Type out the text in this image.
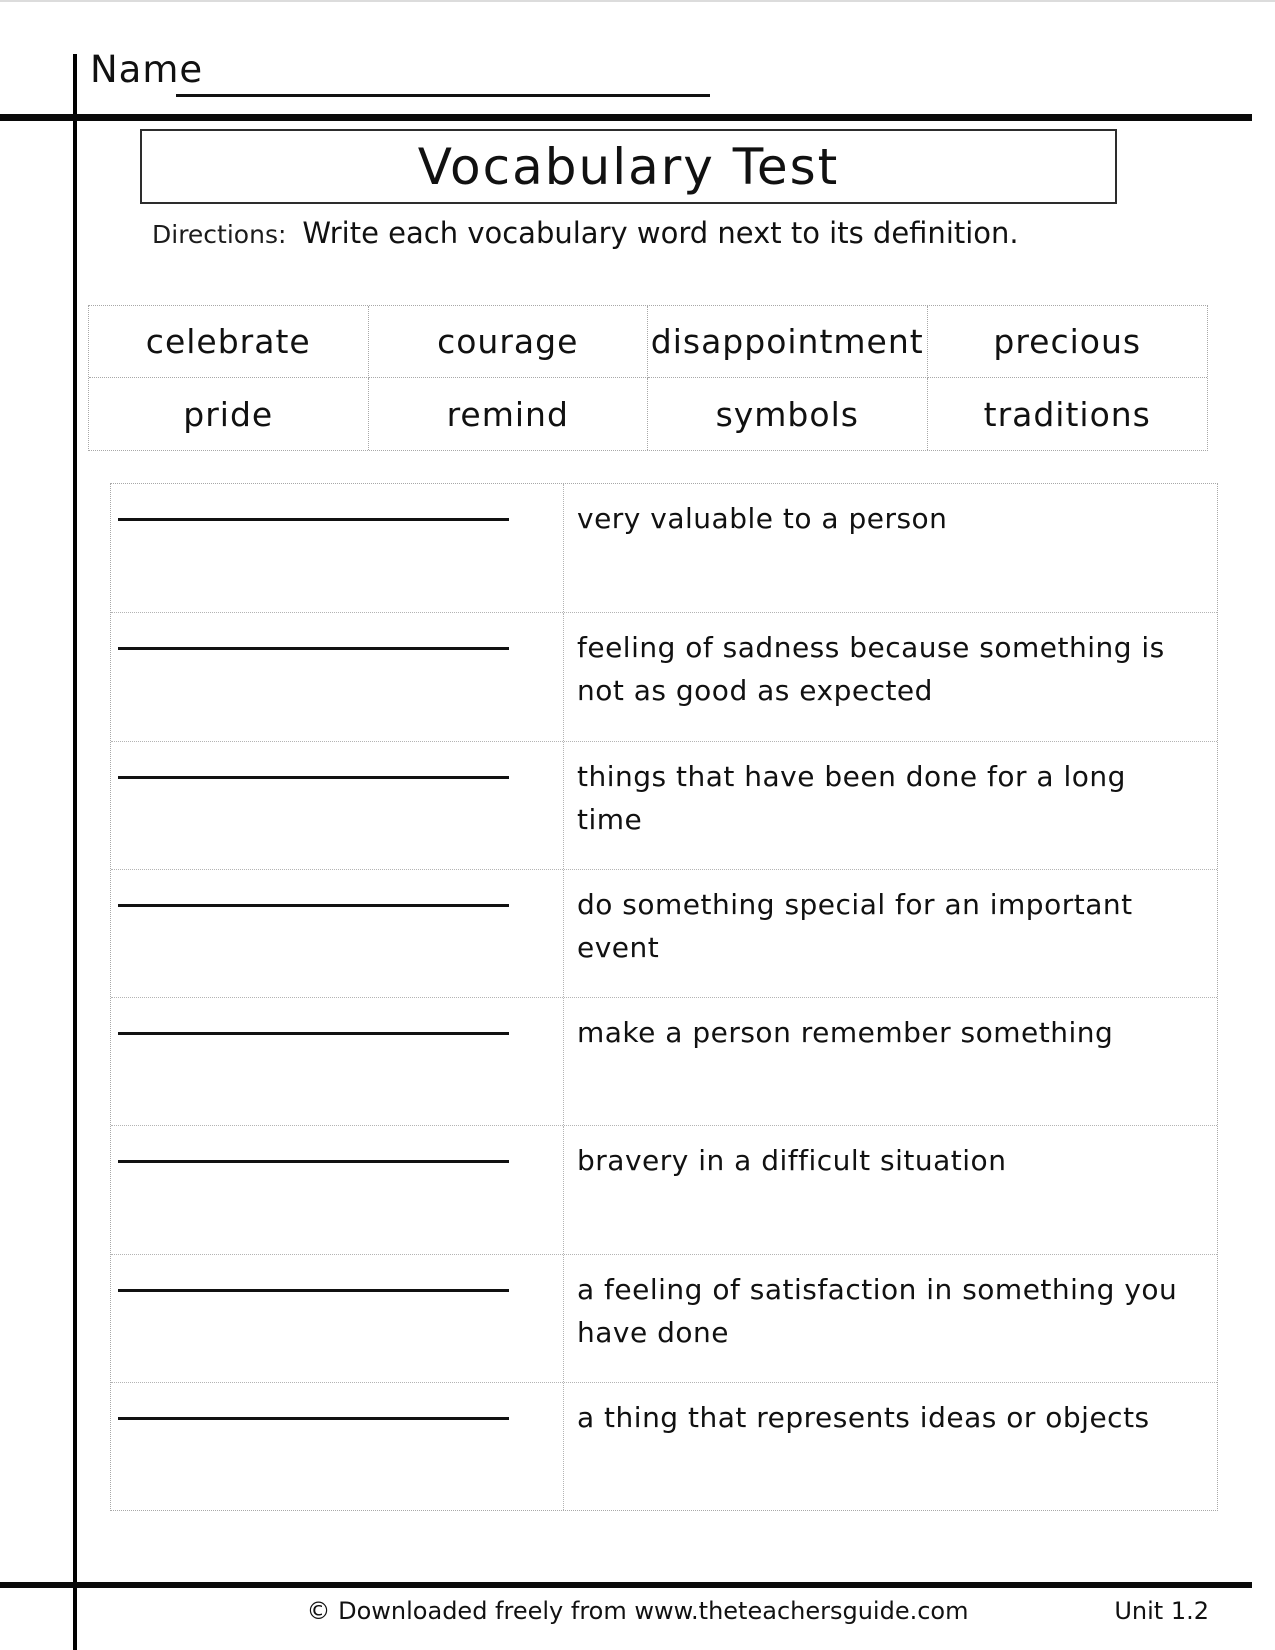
Name
Vocabulary Test
Directions: Write each vocabulary word next to its definition.
celebrate	courage	disappointment	precious
pride	remind	symbols	traditions
very valuable to a person
feeling of sadness because something is not as good as expected
things that have been done for a long time
do something special for an important event
make a person remember something
bravery in a difficult situation
a feeling of satisfaction in something you have done
a thing that represents ideas or objects
© Downloaded freely from www.theteachersguide.com	Unit 1.2
